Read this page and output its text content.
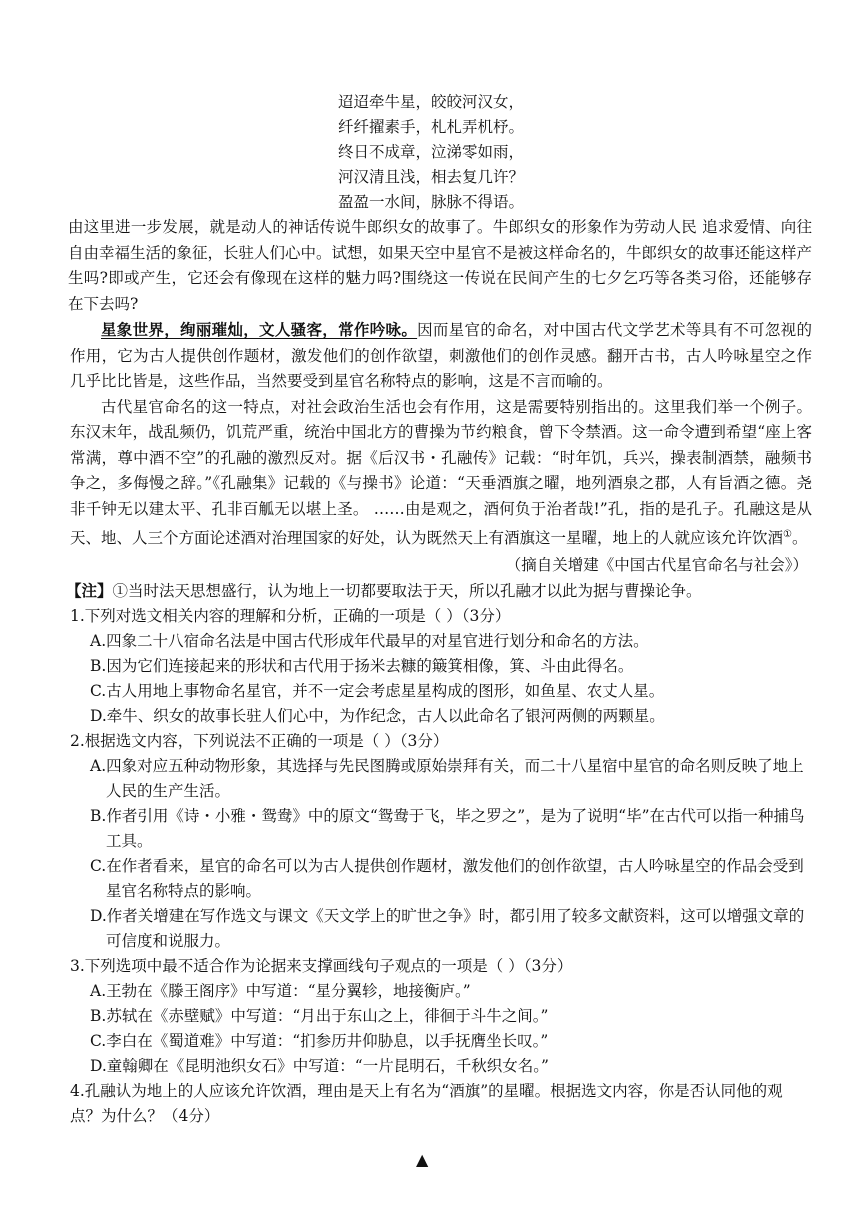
迢迢牵牛星，皎皎河汉女，
纤纤擢素手，札札弄机杼。
终日不成章，泣涕零如雨，
河汉清且浅，相去复几许？
盈盈一水间，脉脉不得语。

由这里进一步发展，就是动人的神话传说牛郎织女的故事了。牛郎织女的形象作为劳动人民 追求爱情、向往自由幸福生活的象征，长驻人们心中。试想，如果天空中星官不是被这样命名的，牛郎织女的故事还能这样产生吗?即或产生，它还会有像现在这样的魅力吗?围绕这一传说在民间产生的七夕乞巧等各类习俗，还能够存在下去吗?

星象世界，绚丽璀灿，文人骚客，常作吟咏。因而星官的命名，对中国古代文学艺术等具有不可忽视的作用，它为古人提供创作题材，激发他们的创作欲望，刺激他们的创作灵感。翻开古书，古人吟咏星空之作几乎比比皆是，这些作品，当然要受到星官名称特点的影响，这是不言而喻的。

古代星官命名的这一特点，对社会政治生活也会有作用，这是需要特别指出的。这里我们举一个例子。东汉末年，战乱频仍，饥荒严重，统治中国北方的曹操为节约粮食，曾下令禁酒。这一命令遭到希望“座上客常满，尊中酒不空”的孔融的激烈反对。据《后汉书・孔融传》记载：“时年饥，兵兴，操表制酒禁，融频书争之，多侮慢之辞。”《孔融集》记载的《与操书》论道：“天垂酒旗之曜，地列酒泉之郡，人有旨酒之德。尧非千钟无以建太平、孔非百觚无以堪上圣。 ……由是观之，酒何负于治者哉!”孔，指的是孔子。孔融这是从天、地、人三个方面论述酒对治理国家的好处，认为既然天上有酒旗这一星曜，地上的人就应该允许饮酒①。

（摘自关增建《中国古代星官命名与社会》）
【注】①当时法天思想盛行，认为地上一切都要取法于天，所以孔融才以此为据与曹操论争。
1.下列对选文相关内容的理解和分析，正确的一项是（ ）（3分）
A.四象二十八宿命名法是中国古代形成年代最早的对星官进行划分和命名的方法。
B.因为它们连接起来的形状和古代用于扬米去糠的簸箕相像，箕、斗由此得名。
C.古人用地上事物命名星官，并不一定会考虑星星构成的图形，如鱼星、农丈人星。
D.牵牛、织女的故事长驻人们心中，为作纪念，古人以此命名了银河两侧的两颗星。
2.根据选文内容，下列说法不正确的一项是（ ）（3分）
A.四象对应五种动物形象，其选择与先民图腾或原始崇拜有关，而二十八星宿中星官的命名则反映了地上人民的生产生活。
B.作者引用《诗・小雅・鸳鸯》中的原文“鸳鸯于飞，毕之罗之”，是为了说明“毕”在古代可以指一种捕鸟工具。
C.在作者看来，星官的命名可以为古人提供创作题材，激发他们的创作欲望，古人吟咏星空的作品会受到星官名称特点的影响。
D.作者关增建在写作选文与课文《天文学上的旷世之争》时，都引用了较多文献资料，这可以增强文章的可信度和说服力。
3.下列选项中最不适合作为论据来支撑画线句子观点的一项是（ ）（3分）
A.王勃在《滕王阁序》中写道：“星分翼轸，地接衡庐。”
B.苏轼在《赤壁赋》中写道：“月出于东山之上，徘徊于斗牛之间。”
C.李白在《蜀道难》中写道：“扪参历井仰胁息，以手抚膺坐长叹。”
D.童翰卿在《昆明池织女石》中写道：“一片昆明石，千秋织女名。”
4.孔融认为地上的人应该允许饮酒，理由是天上有名为“酒旗”的星曜。根据选文内容，你是否认同他的观点？为什么？（4分）
▲
